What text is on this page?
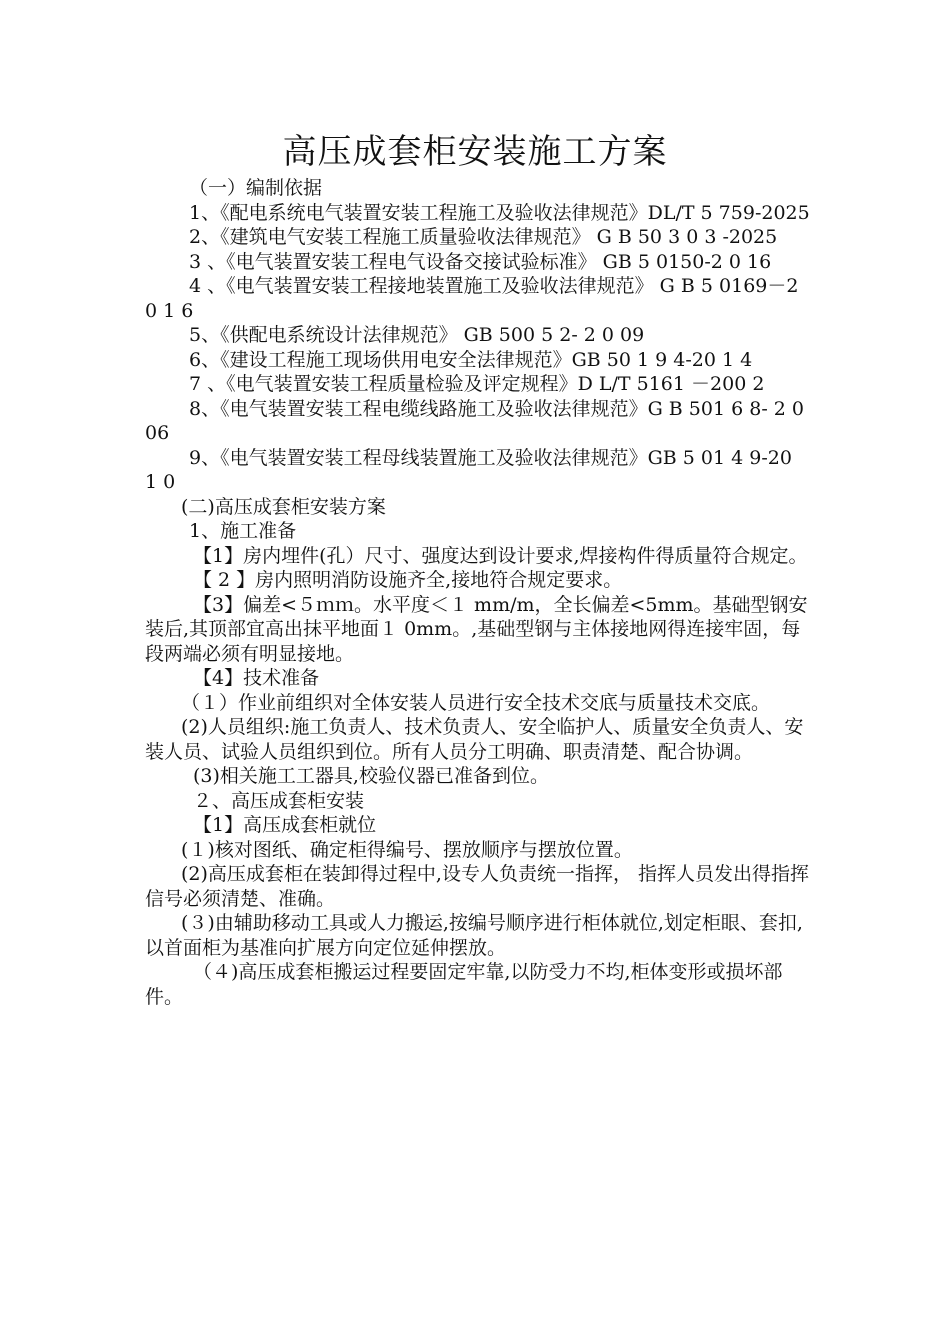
高压成套柜安装施工方案

（一）编制依据

1、《配电系统电气装置安装工程施工及验收法律规范》DL/T 5 759-2025

2、《建筑电气安装工程施工质量验收法律规范》 G B 50 3 0 3 -2025

3 、《电气装置安装工程电气设备交接试验标准》 GB 5 0150-2 0 16

4 、《电气装置安装工程接地装置施工及验收法律规范》 G B 5 0169－2 0 1 6

5、《供配电系统设计法律规范》 GB 500 5 2- 2 0 09

6、《建设工程施工现场供用电安全法律规范》GB 50 1 9 4-20 1 4

7 、《电气装置安装工程质量检验及评定规程》D L/T 5161 －200 2

8、《电气装置安装工程电缆线路施工及验收法律规范》G B 501 6 8- 2 006

9、《电气装置安装工程母线装置施工及验收法律规范》GB 5 01 4 9-20 1 0

(二)高压成套柜安装方案

1、施工准备

【1】房内埋件(孔）尺寸、强度达到设计要求,焊接构件得质量符合规定。

【 2 】房内照明消防设施齐全,接地符合规定要求。

【3】偏差<５ｍｍ。水平度＜１ mm/m，全长偏差<5mm。基础型钢安装后,其顶部宜高出抹平地面１ 0mm。,基础型钢与主体接地网得连接牢固，每段两端必须有明显接地。

【4】技术准备

（１）作业前组织对全体安装人员进行安全技术交底与质量技术交底。

(2)人员组织:施工负责人、技术负责人、安全临护人、质量安全负责人、安装人员、试验人员组织到位。所有人员分工明确、职责清楚、配合协调。

(3)相关施工工器具,校验仪器已准备到位。

２、高压成套柜安装

【1】高压成套柜就位

(１)核对图纸、确定柜得编号、摆放顺序与摆放位置。

(2)高压成套柜在装卸得过程中,设专人负责统一指挥， 指挥人员发出得指挥信号必须清楚、准确。

(３)由辅助移动工具或人力搬运,按编号顺序进行柜体就位,划定柜眼、套扣,以首面柜为基准向扩展方向定位延伸摆放。

（４)高压成套柜搬运过程要固定牢靠,以防受力不均,柜体变形或损坏部件。
